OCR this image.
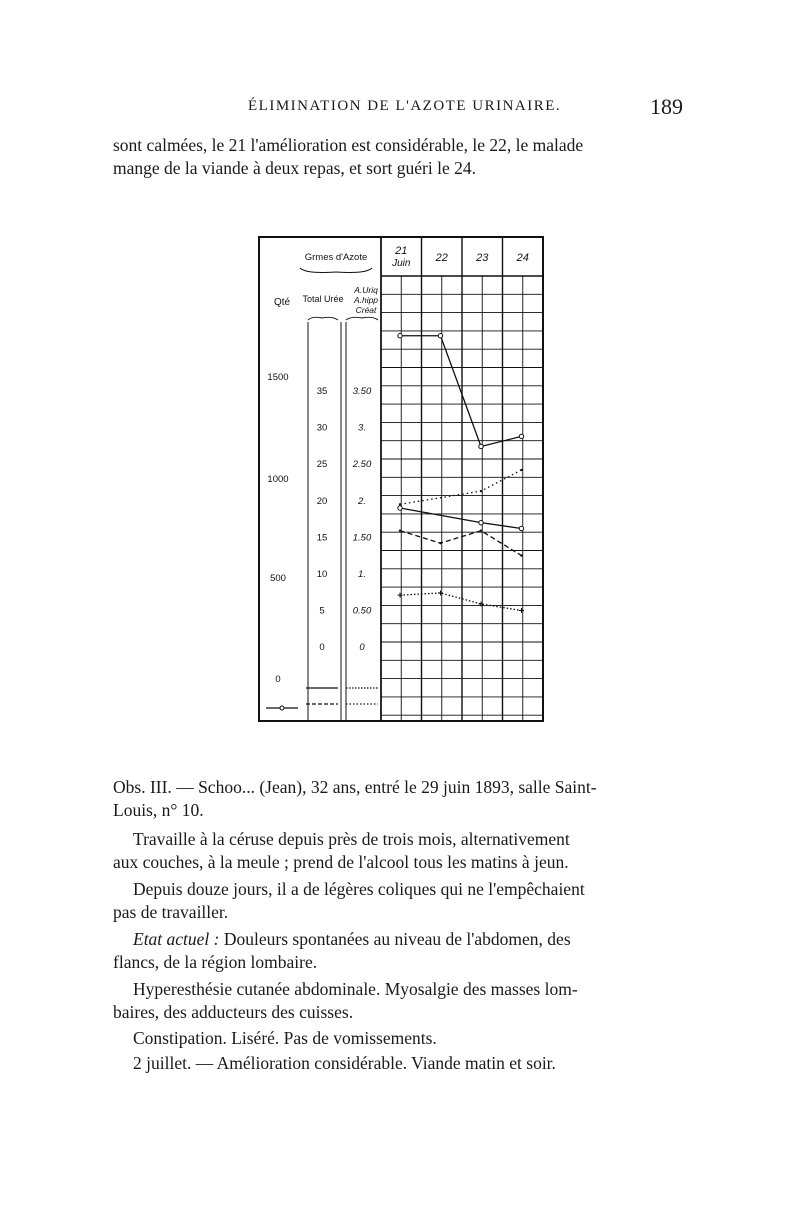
ÉLIMINATION DE L'AZOTE URINAIRE.	189

sont calmées, le 21 l'amélioration est considérable, le 22, le malade

mange de la viande à deux repas, et sort guéri le 24.

21
Juin 22	23	24
Grmes d'Azote
Qté Total Urée
A.Uriq
A.hipp
Créat
1500
1000
500
0
35
30
25
20
15
10
5
0
3.50
3.
2.50
2.
1.50
1.
0.50
0

Obs. III. — Schoo... (Jean), 32 ans, entré le 29 juin 1893, salle Saint-

Louis, n° 10.

Travaille à la céruse depuis près de trois mois, alternativement

aux couches, à la meule ; prend de l'alcool tous les matins à jeun.

Depuis douze jours, il a de légères coliques qui ne l'empêchaient

pas de travailler.

Etat actuel : Douleurs spontanées au niveau de l'abdomen, des

flancs, de la région lombaire.

Hyperesthésie cutanée abdominale. Myosalgie des masses lom-

baires, des adducteurs des cuisses.

Constipation. Liséré. Pas de vomissements.

2 juillet. — Amélioration considérable. Viande matin et soir.
